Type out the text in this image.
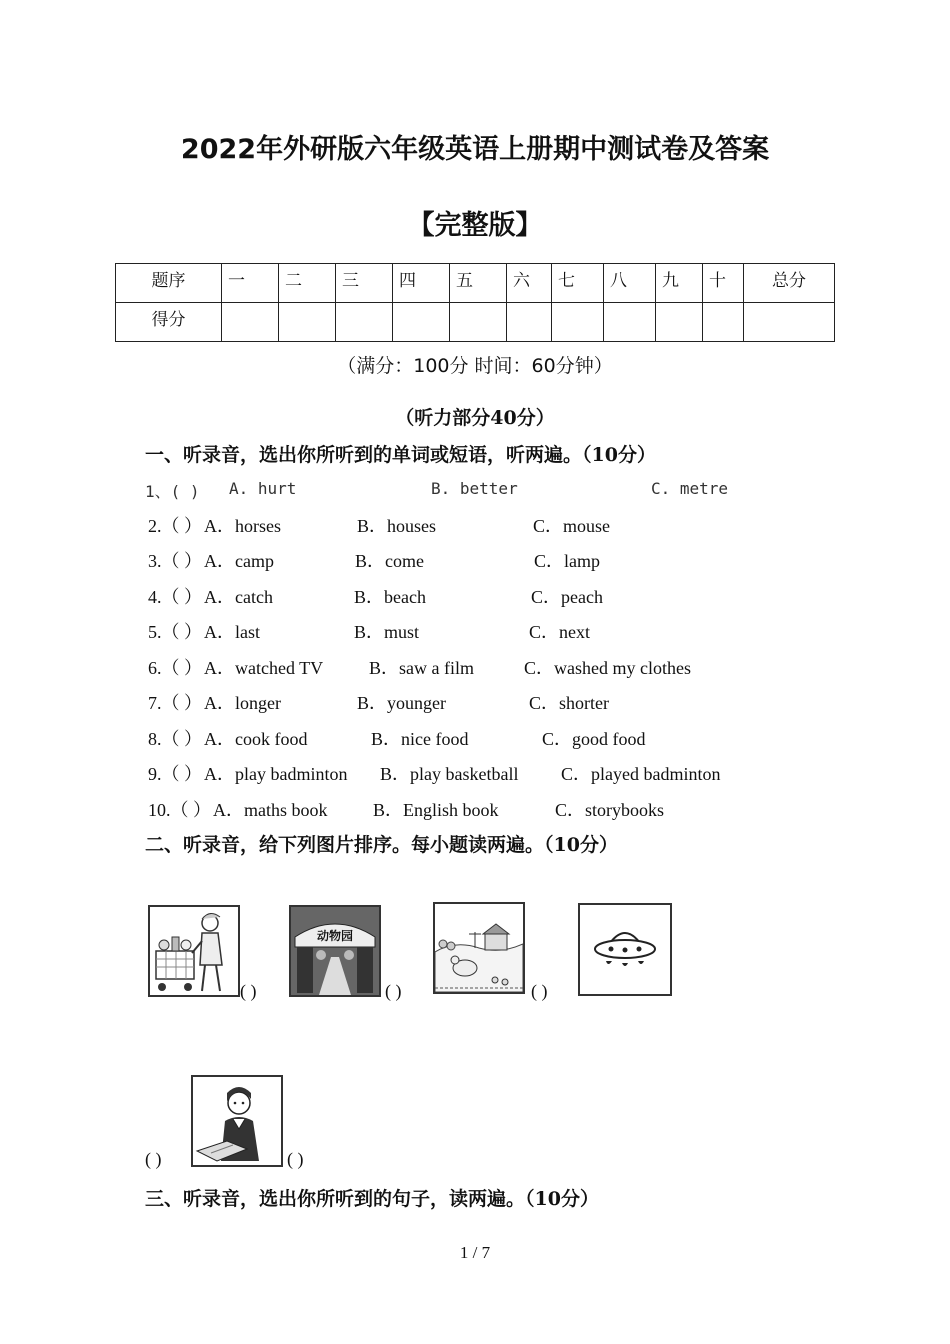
2022年外研版六年级英语上册期中测试卷及答案
【完整版】
题序	一	二	三	四	五	六	七	八	九	十	总分
得分											
（满分：100分 时间：60分钟）
（听力部分40分）
一、听录音，选出你所听到的单词或短语，听两遍。（10分）
1、( ) A. hurt	B. better	C. metre
2.（ ） A．horses	B．houses	C．mouse
3.（ ） A．camp	B．come	C．lamp
4.（ ） A．catch	B．beach	C．peach
5.（ ） A．last	B．must	C．next
6.（ ） A．watched TV	B．saw a film	C．washed my clothes
7.（ ） A．longer	B．younger	C．shorter
8.（ ） A．cook food	B．nice food	C．good food
9.（ ） A．play badminton B．play basketball C．played badminton
10.（ ） A．maths book	B．English book	C．storybooks
二、听录音，给下列图片排序。每小题读两遍。（10分）
( )
动物园
( )	( )
( )	( )
三、听录音，选出你所听到的句子，读两遍。（10分）
1 / 7
